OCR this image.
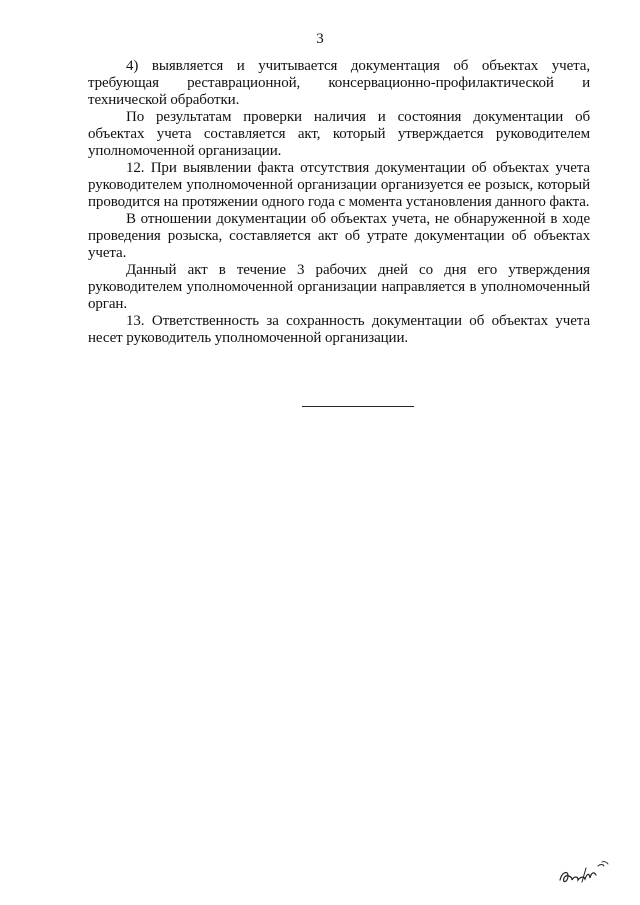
3

4) выявляется и учитывается документация об объектах учета, требующая реставрационной, консервационно-профилактической и технической обработки.

По результатам проверки наличия и состояния документации об объектах учета составляется акт, который утверждается руководителем уполномоченной организации.

12. При выявлении факта отсутствия документации об объектах учета руководителем уполномоченной организации организуется ее розыск, который проводится на протяжении одного года с момента установления данного факта.

В отношении документации об объектах учета, не обнаруженной в ходе проведения розыска, составляется акт об утрате документации об объектах учета.

Данный акт в течение 3 рабочих дней со дня его утверждения руководителем уполномоченной организации направляется в уполномоченный орган.

13. Ответственность за сохранность документации об объектах учета несет руководитель уполномоченной организации.
